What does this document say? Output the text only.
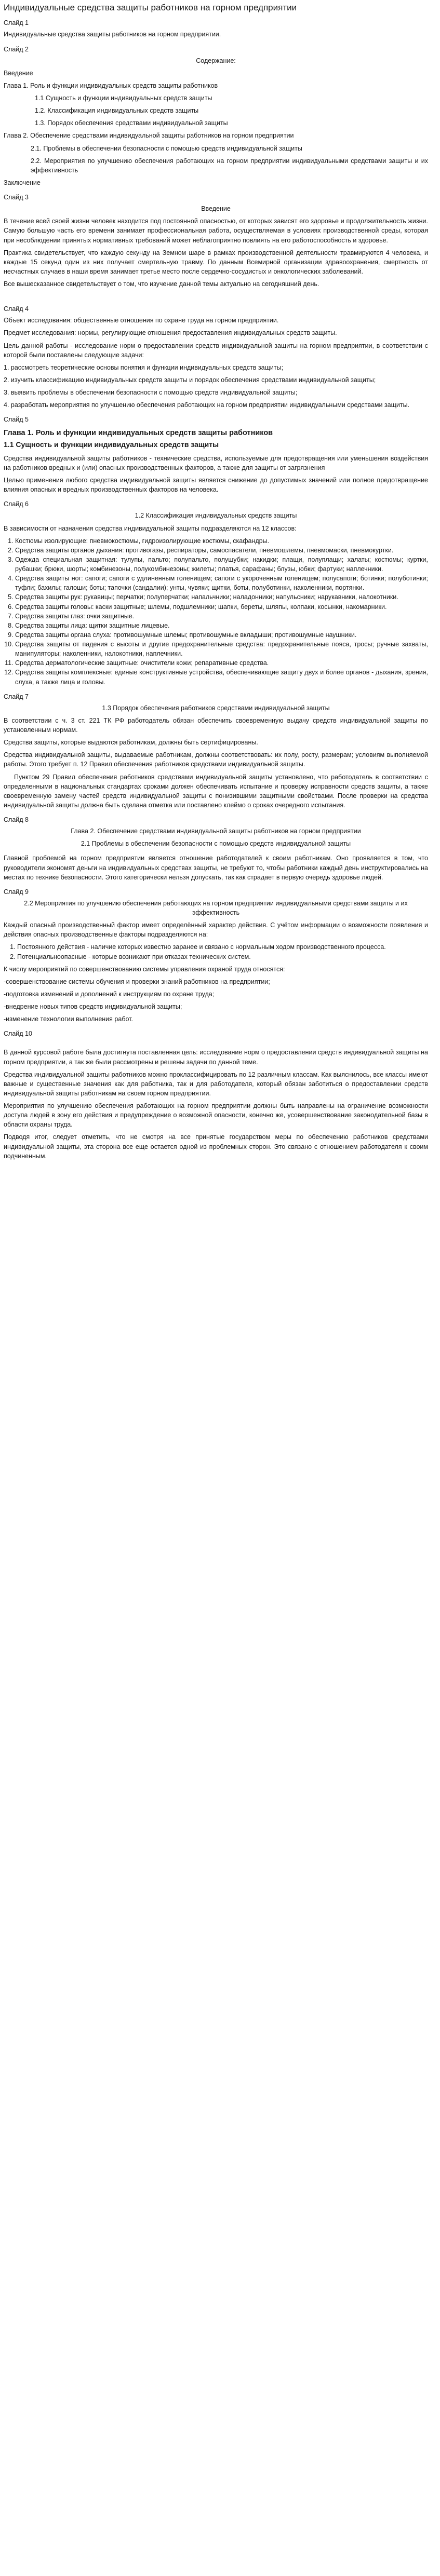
Индивидуальные средства защиты работников на горном предприятии
Слайд 1

Индивидуальные средства защиты работников на горном предприятии.

Слайд 2

Содержание:

Введение

Глава 1. Роль и функции индивидуальных средств защиты работников

1.1 Сущность и функции индивидуальных средств защиты

1.2. Классификация индивидуальных средств защиты

1.3. Порядок обеспечения средствами индивидуальной защиты

Глава 2. Обеспечение средствами индивидуальной защиты работников на горном предприятии

2.1. Проблемы в обеспечении безопасности с помощью средств индивидуальной защиты

2.2. Мероприятия по улучшению обеспечения работающих на горном предприятии индивидуальными средствами защиты и их эффективность

Заключение

Слайд 3

Введение

В течение всей своей жизни человек находится под постоянной опасностью, от которых зависят его здоровье и продолжительность жизни. Самую большую часть его времени занимает профессиональная работа, осуществляемая в условиях производственной среды, которая при несоблюдении принятых нормативных требований может неблагоприятно повлиять на его работоспособность и здоровье.

Практика свидетельствует, что каждую секунду на Земном шаре в рамках производственной деятельности травмируются 4 человека, и каждые 15 секунд один из них получает смертельную травму. По данным Всемирной организации здравоохранения, смертность от несчастных случаев в наши время занимает третье место после сердечно-сосудистых и онкологических заболеваний.

Все вышесказанное свидетельствует о том, что изучение данной темы актуально на сегодняшний день.

Слайд 4

Объект исследования: общественные отношения по охране труда на горном предприятии.

Предмет исследования: нормы, регулирующие отношения предоставления индивидуальных средств защиты.

Цель данной работы - исследование норм о предоставлении средств индивидуальной защиты на горном предприятии, в соответствии с которой были поставлены следующие задачи:

1. рассмотреть теоретические основы понятия и функции индивидуальных средств защиты;

2. изучить классификацию индивидуальных средств защиты и порядок обеспечения средствами индивидуальной защиты;

3. выявить проблемы в обеспечении безопасности с помощью средств индивидуальной защиты;

4. разработать мероприятия по улучшению обеспечения работающих на горном предприятии индивидуальными средствами защиты.

Слайд 5
Глава 1. Роль и функции индивидуальных средств защиты работников
1.1 Сущность и функции индивидуальных средств защиты

Средства индивидуальной защиты работников - технические средства, используемые для предотвращения или уменьшения воздействия на работников вредных и (или) опасных производственных факторов, а также для защиты от загрязнения

Целью применения любого средства индивидуальной защиты является снижение до допустимых значений или полное предотвращение влияния опасных и вредных производственных факторов на человека.

Слайд 6

1.2 Классификация индивидуальных средств защиты

В зависимости от назначения средства индивидуальной защиты подразделяются на 12 классов:

1. Костюмы изолирующие: пневмокостюмы, гидроизолирующие костюмы, скафандры.
2. Средства защиты органов дыхания: противогазы, респираторы, самоспасатели, пневмошлемы, пневмомаски, пневмокуртки.
3. Одежда специальная защитная: тулупы, пальто; полупальто, полушубки; накидки; плащи, полуплащи; халаты; костюмы; куртки, рубашки; брюки, шорты; комбинезоны, полукомбинезоны; жилеты; платья, сарафаны; блузы, юбки; фартуки; наплечники.
4. Средства защиты ног: сапоги; сапоги с удлиненным голенищем; сапоги с укороченным голенищем; полусапоги; ботинки; полуботинки; туфли; бахилы; галоши; боты; тапочки (сандалии); унты, чувяки; щитки, боты, полуботинки, наколенники, портянки.
5. Средства защиты рук: рукавицы; перчатки; полуперчатки; напальчники; наладонники; напульсники; нарукавники, налокотники.
6. Средства защиты головы: каски защитные; шлемы, подшлемники; шапки, береты, шляпы, колпаки, косынки, накомарники.
7. Средства защиты глаз: очки защитные.
8. Средства защиты лица: щитки защитные лицевые.
9. Средства защиты органа слуха: противошумные шлемы; противошумные вкладыши; противошумные наушники.
10. Средства защиты от падения с высоты и другие предохранительные средства: предохранительные пояса, тросы; ручные захваты, манипуляторы; наколенники, налокотники, наплечники.
11. Средства дерматологические защитные: очистители кожи; репаративные средства.
12. Средства защиты комплексные: единые конструктивные устройства, обеспечивающие защиту двух и более органов - дыхания, зрения, слуха, а также лица и головы.
Слайд 7

1.3 Порядок обеспечения работников средствами индивидуальной защиты

В соответствии с ч. 3 ст. 221 ТК РФ работодатель обязан обеспечить своевременную выдачу средств индивидуальной защиты по установленным нормам.

Средства защиты, которые выдаются работникам, должны быть сертифицированы.

Средства индивидуальной защиты, выдаваемые работникам, должны соответствовать: их полу, росту, размерам; условиям выполняемой работы. Этого требует п. 12 Правил обеспечения работников средствами индивидуальной защиты.

Пунктом 29 Правил обеспечения работников средствами индивидуальной защиты установлено, что работодатель в соответствии с определенными в национальных стандартах сроками должен обеспечивать испытание и проверку исправности средств защиты, а также своевременную замену частей средств индивидуальной защиты с понизившими защитными свойствами. После проверки на средства индивидуальной защиты должна быть сделана отметка или поставлено клеймо о сроках очередного испытания.

Слайд 8

Глава 2. Обеспечение средствами индивидуальной защиты работников на горном предприятии

2.1 Проблемы в обеспечении безопасности с помощью средств индивидуальной защиты

Главной проблемой на горном предприятии является отношение работодателей к своим работникам. Оно проявляется в том, что руководители экономят деньги на индивидуальных средствах защиты, не требуют то, чтобы работники каждый день инструктировались на местах по технике безопасности. Этого категорически нельзя допускать, так как страдает в первую очередь здоровье людей.

Слайд 9

2.2 Мероприятия по улучшению обеспечения работающих на горном предприятии индивидуальными средствами защиты и их эффективность

Каждый опасный производственный фактор имеет определённый характер действия. С учётом информации о возможности появления и действия опасных производственные факторы подразделяются на:

1. Постоянного действия - наличие которых известно заранее и связано с нормальным ходом производственного процесса.
2. Потенциальноопасные - которые возникают при отказах технических систем.

К числу мероприятий по совершенствованию системы управления охраной труда относятся:

-совершенствование системы обучения и проверки знаний работников на предприятии;

-подготовка изменений и дополнений к инструкциям по охране труда;

-внедрение новых типов средств индивидуальной защиты;

-изменение технологии выполнения работ.

Слайд 10

В данной курсовой работе была достигнута поставленная цель: исследование норм о предоставлении средств индивидуальной защиты на горном предприятии, а так же были рассмотрены и решены задачи по данной теме.

Средства индивидуальной защиты работников можно проклассифицировать по 12 различным классам. Как выяснилось, все классы имеют важные и существенные значения как для работника, так и для работодателя, который обязан заботиться о предоставлении средств индивидуальной защиты работникам на своем горном предприятии.

Мероприятия по улучшению обеспечения работающих на горном предприятии должны быть направлены на ограничение возможности доступа людей в зону его действия и предупреждение о возможной опасности, конечно же, усовершенствование законодательной базы в области охраны труда.

Подводя итог, следует отметить, что не смотря на все принятые государством меры по обеспечению работников средствами индивидуальной защиты, эта сторона все еще остается одной из проблемных сторон. Это связано с отношением работодателя к своим подчиненным.
